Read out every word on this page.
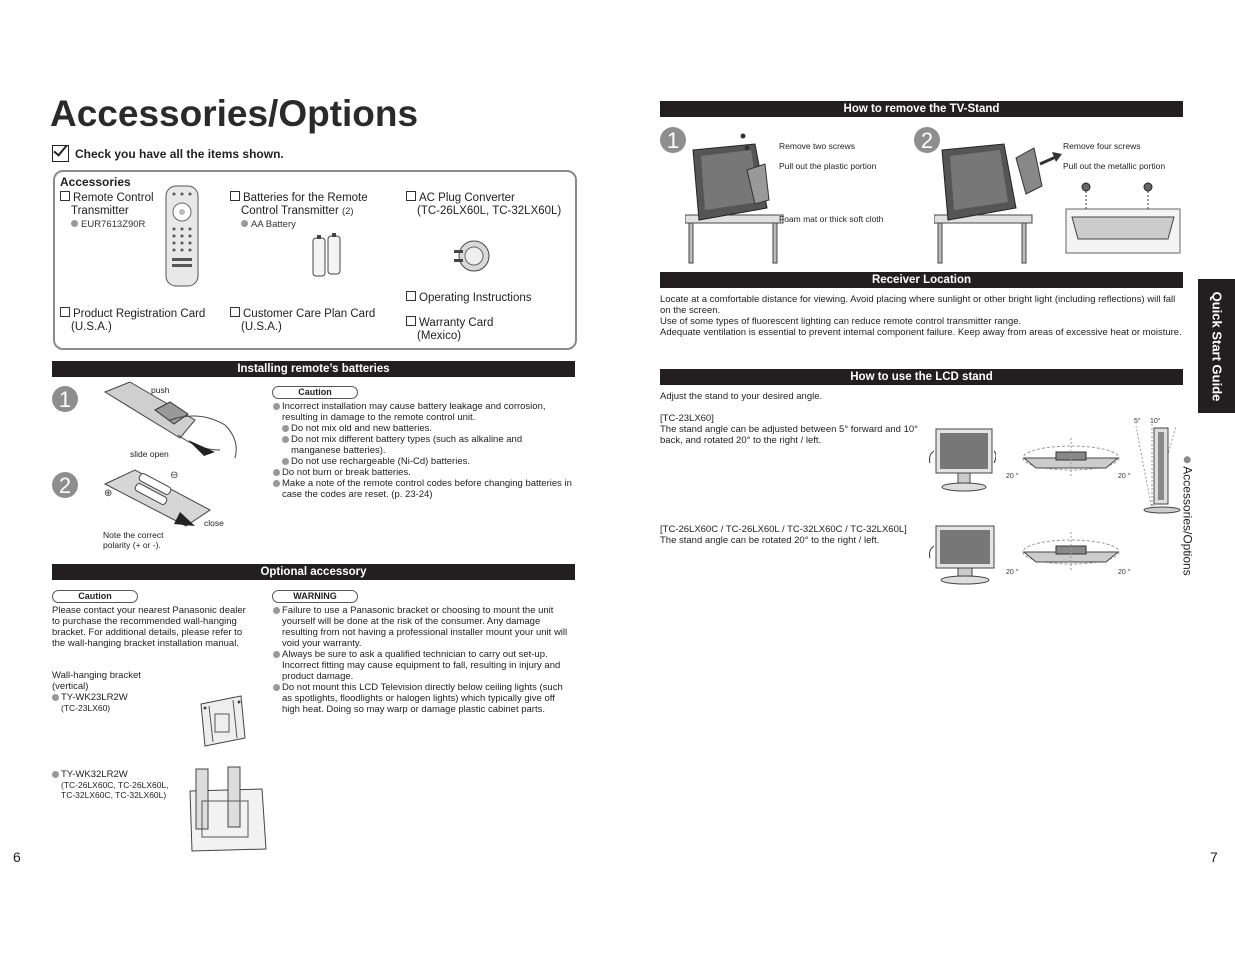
Accessories/Options
Check you have all the items shown.
Accessories
Remote Control
Transmitter
EUR7613Z90R
Batteries for the Remote
Control Transmitter (2)
AA Battery
AC Plug Converter
(TC-26LX60L, TC-32LX60L)
Product Registration Card
(U.S.A.)
Customer Care Plan Card
(U.S.A.)
Operating Instructions
Warranty Card
(Mexico)
Installing remote’s batteries
1
2
push
slide open
⊕
⊖
close
Note the correct
polarity (+ or -).
Caution
Incorrect installation may cause battery leakage and corrosion, resulting in damage to the remote control unit.
Do not mix old and new batteries.
Do not mix different battery types (such as alkaline and manganese batteries).
Do not use rechargeable (Ni-Cd) batteries.
Do not burn or break batteries.
Make a note of the remote control codes before changing batteries in case the codes are reset. (p. 23-24)
Optional accessory
Caution
Please contact your nearest Panasonic dealer to purchase the recommended wall-hanging bracket. For additional details, please refer to the wall-hanging bracket installation manual.
Wall-hanging bracket
(vertical)
TY-WK23LR2W
(TC-23LX60)
TY-WK32LR2W
(TC-26LX60C, TC-26LX60L,
TC-32LX60C, TC-32LX60L)
WARNING
Failure to use a Panasonic bracket or choosing to mount the unit yourself will be done at the risk of the consumer. Any damage resulting from not having a professional installer mount your unit will void your warranty.
Always be sure to ask a qualified technician to carry out set-up. Incorrect fitting may cause equipment to fall, resulting in injury and product damage.
Do not mount this LCD Television directly below ceiling lights (such as spotlights, floodlights or halogen lights) which typically give off high heat. Doing so may warp or damage plastic cabinet parts.
6
How to remove the TV-Stand
1	2
Remove two screws
Pull out the plastic portion
Foam mat or thick soft cloth
Remove four screws
Pull out the metallic portion
Receiver Location
Locate at a comfortable distance for viewing. Avoid placing where sunlight or other bright light (including reflections) will fall on the screen.
Use of some types of fluorescent lighting can reduce remote control transmitter range.
Adequate ventilation is essential to prevent internal component failure. Keep away from areas of excessive heat or moisture.
How to use the LCD stand
Adjust the stand to your desired angle.
[TC-23LX60]
The stand angle can be adjusted between 5° forward and 10° back, and rotated 20° to the right / left.
[TC-26LX60C / TC-26LX60L / TC-32LX60C / TC-32LX60L]
The stand angle can be rotated 20° to the right / left.
20 °	20 °
5° 10°
20 °	20 °
Quick Start Guide
Accessories/Options
7
